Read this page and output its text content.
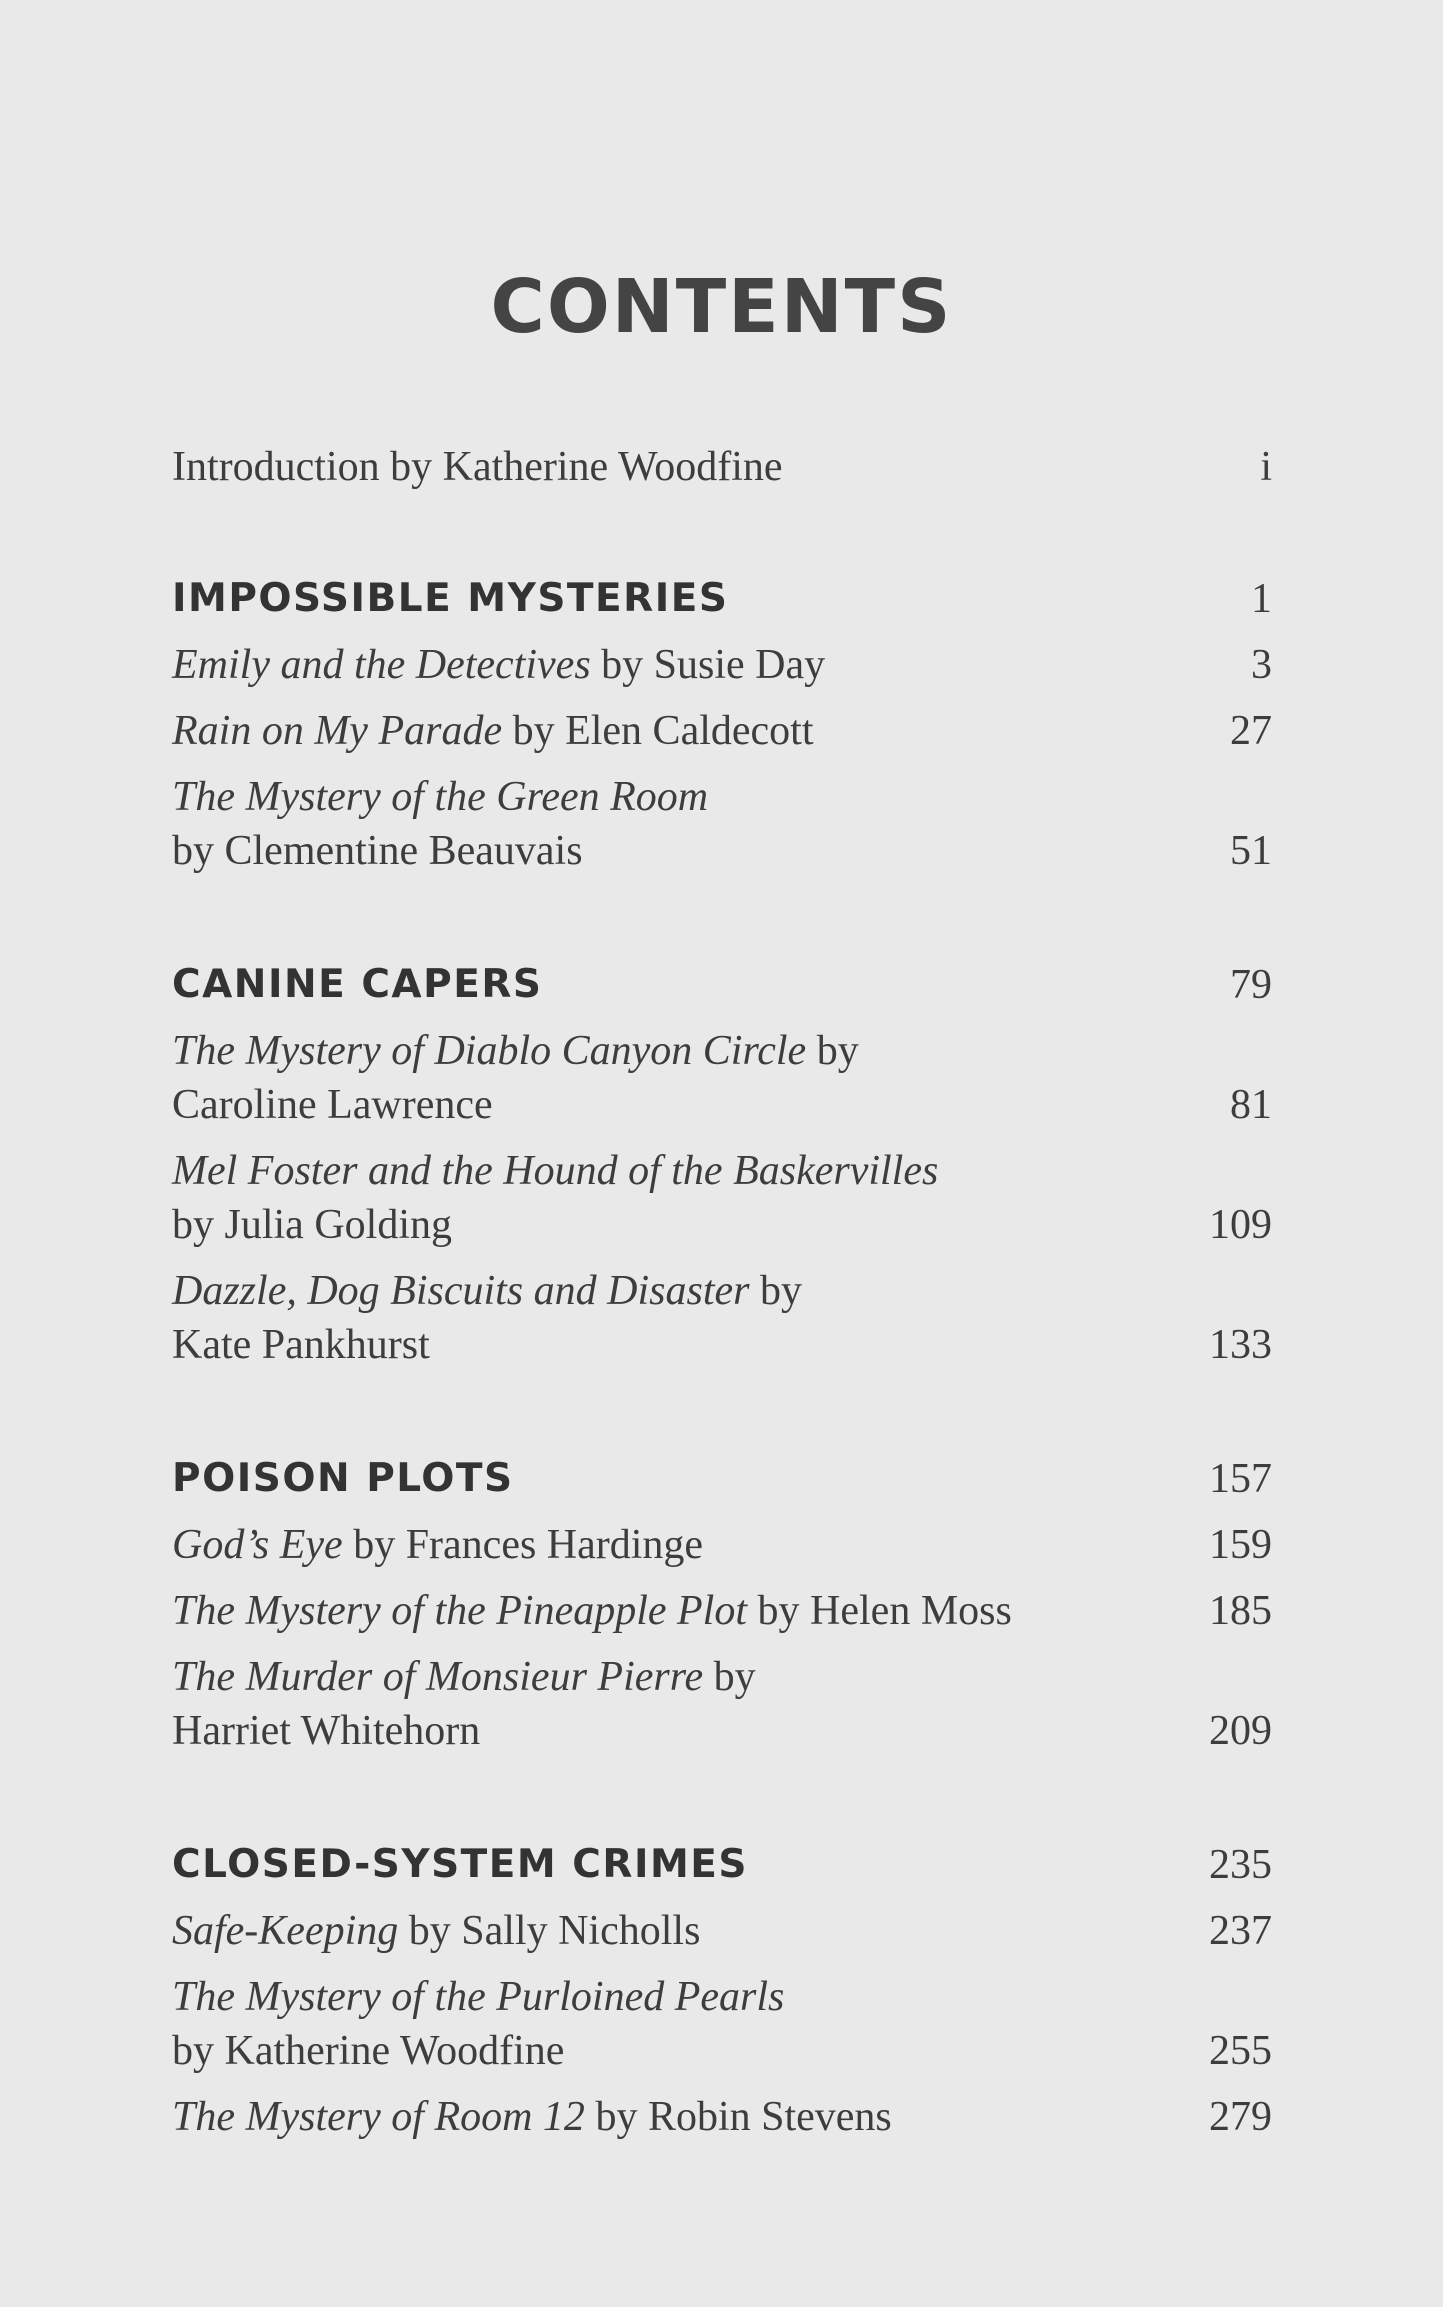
CONTENTS
Introduction by Katherine Woodfine	i
IMPOSSIBLE MYSTERIES	1
Emily and the Detectives by Susie Day	3
Rain on My Parade by Elen Caldecott	27
The Mystery of the Green Room
by Clementine Beauvais	51
CANINE CAPERS	79
The Mystery of Diablo Canyon Circle by
Caroline Lawrence	81
Mel Foster and the Hound of the Baskervilles
by Julia Golding	109
Dazzle, Dog Biscuits and Disaster by
Kate Pankhurst	133
POISON PLOTS	157
God’s Eye by Frances Hardinge	159
The Mystery of the Pineapple Plot by Helen Moss	185
The Murder of Monsieur Pierre by
Harriet Whitehorn	209
CLOSED-SYSTEM CRIMES	235
Safe-Keeping by Sally Nicholls	237
The Mystery of the Purloined Pearls
by Katherine Woodfine	255
The Mystery of Room 12 by Robin Stevens	279
